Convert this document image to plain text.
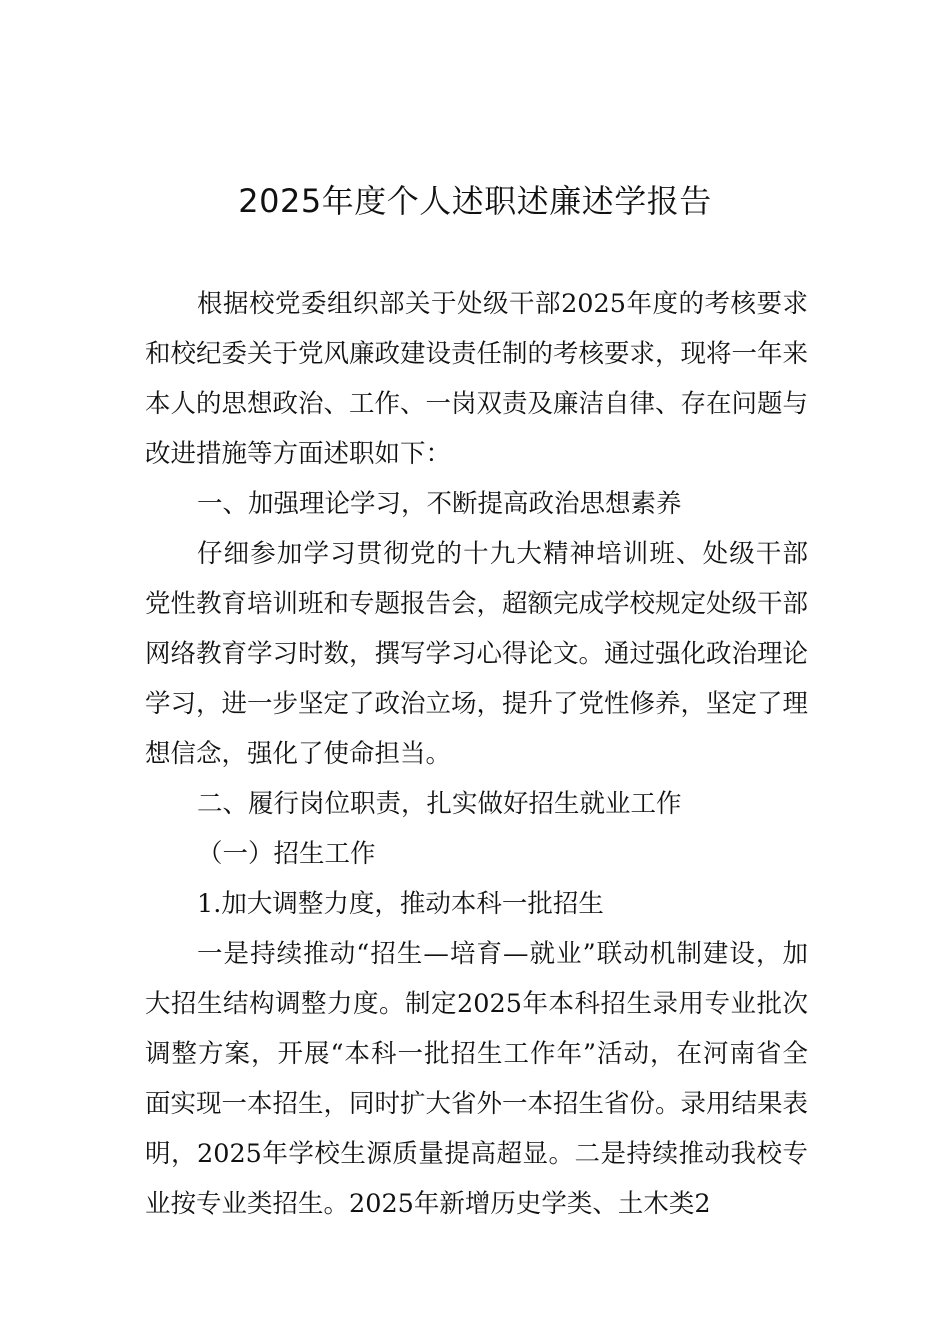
2025年度个人述职述廉述学报告

根据校党委组织部关于处级干部2025年度的考核要求和校纪委关于党风廉政建设责任制的考核要求，现将一年来本人的思想政治、工作、一岗双责及廉洁自律、存在问题与改进措施等方面述职如下：

一、加强理论学习，不断提高政治思想素养

仔细参加学习贯彻党的十九大精神培训班、处级干部党性教育培训班和专题报告会，超额完成学校规定处级干部网络教育学习时数，撰写学习心得论文。通过强化政治理论学习，进一步坚定了政治立场，提升了党性修养，坚定了理想信念，强化了使命担当。

二、履行岗位职责，扎实做好招生就业工作

（一）招生工作

1.加大调整力度，推动本科一批招生

一是持续推动“招生—培育—就业”联动机制建设，加大招生结构调整力度。制定2025年本科招生录用专业批次调整方案，开展“本科一批招生工作年”活动，在河南省全面实现一本招生，同时扩大省外一本招生省份。录用结果表明，2025年学校生源质量提高超显。二是持续推动我校专业按专业类招生。2025年新增历史学类、土木类2
